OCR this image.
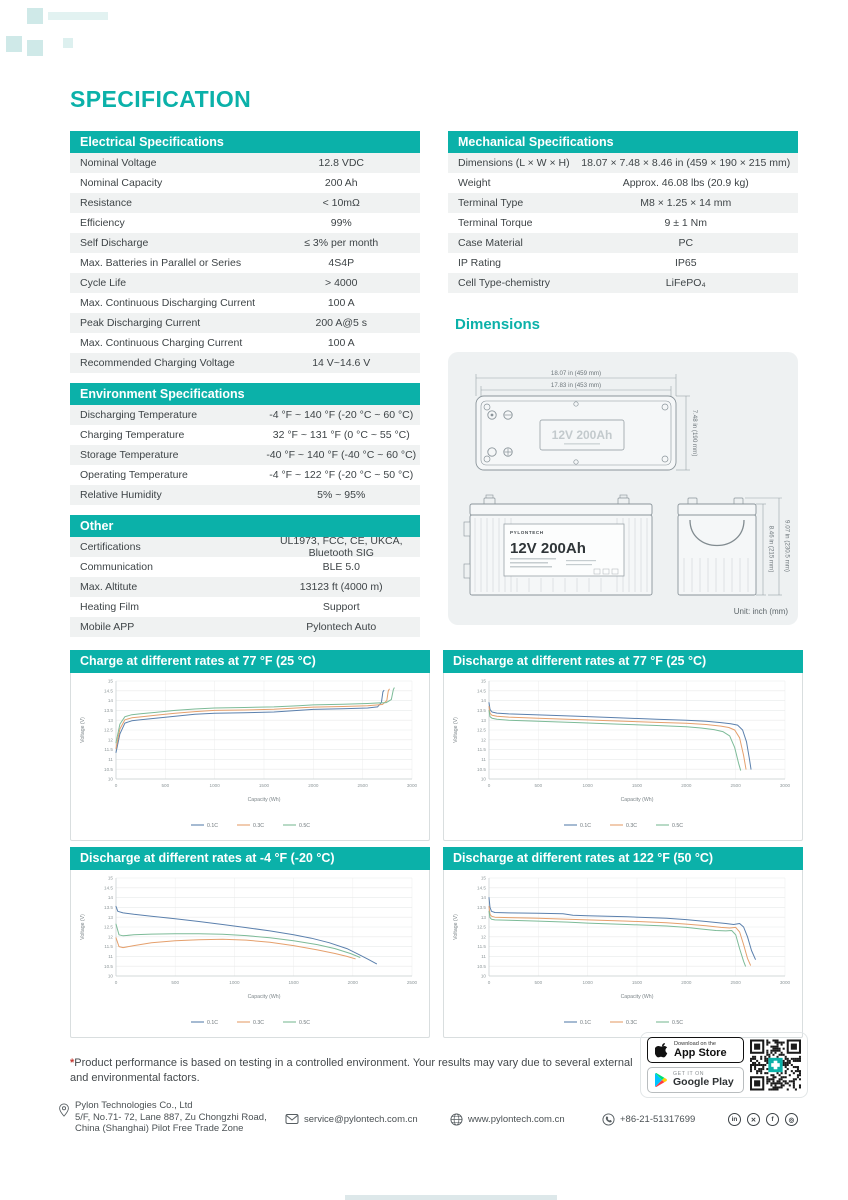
SPECIFICATION
Electrical Specifications
Nominal Voltage	12.8 VDC
Nominal Capacity	200 Ah
Resistance	< 10mΩ
Efficiency	99%
Self Discharge	≤ 3% per month
Max. Batteries in Parallel or Series	4S4P
Cycle Life	> 4000
Max. Continuous Discharging Current	100 A
Peak Discharging Current	200 A@5 s
Max. Continuous Charging Current	100 A
Recommended Charging Voltage	14 V~14.6 V
Environment Specifications
Discharging Temperature	-4 °F ~ 140 °F (-20 °C ~ 60 °C)
Charging Temperature	32 °F ~ 131 °F (0 °C ~ 55 °C)
Storage Temperature	-40 °F ~ 140 °F (-40 °C ~ 60 °C)
Operating Temperature	-4 °F ~ 122 °F (-20 °C ~ 50 °C)
Relative Humidity	5% ~ 95%
Other
Certifications	UL1973, FCC, CE, UKCA, Bluetooth SIG
Communication	BLE 5.0
Max. Altitute	13123 ft (4000 m)
Heating Film	Support
Mobile APP	Pylontech Auto
Mechanical Specifications
Dimensions (L × W × H)	18.07 × 7.48 × 8.46 in (459 × 190 × 215 mm)
Weight	Approx. 46.08 lbs (20.9 kg)
Terminal Type	M8 × 1.25 × 14 mm
Terminal Torque	9 ± 1 Nm
Case Material	PC
IP Rating	IP65
Cell Type-chemistry	LiFePO₄
Dimensions
18.07 in (459 mm)
17.83 in (453 mm)
7.48 in (190 mm)
12V 200Ah
PYLONTECH
12V 200Ah	8.46 in (215 mm) 9.07 in (230.5 mm)
Unit: inch (mm)
Charge at different rates at 77 °F (25 °C)
0	500	1000	1500	2000	2500	3000
10
10.5
11
11.5
12
12.5
13
13.5
14
14.5
15
Voltage (V)
Capacity (Wh)
0.1C	0.3C	0.5C
Discharge at different rates at 77 °F (25 °C)
0	500	1000	1500	2000	2500	3000
10
10.5
11
11.5
12
12.5
13
13.5
14
14.5
15
Voltage (V)
Capacity (Wh)
0.1C	0.3C	0.5C
Discharge at different rates at -4 °F (-20 °C)
0	500	1000	1500	2000	2500
10
10.5
11
11.5
12
12.5
13
13.5
14
14.5
15
Voltage (V)
Capacity (Wh)
0.1C	0.3C	0.5C
Discharge at different rates at 122 °F (50 °C)
0	500	1000	1500	2000	2500	3000
10
10.5
11
11.5
12
12.5
13
13.5
14
14.5
15
Voltage (V)
Capacity (Wh)
0.1C	0.3C	0.5C

*Product performance is based on testing in a controlled environment. Your results may vary due to several external and environmental factors.

Download on the
App Store
GET IT ON
Google Play
Pylon Technologies Co., Ltd
5/F, No.71- 72, Lane 887, Zu Chongzhi Road,
China (Shanghai) Pilot Free Trade Zone
service@pylontech.com.cn	www.pylontech.com.cn	+86-21-51317699	in	✕	f	◎
